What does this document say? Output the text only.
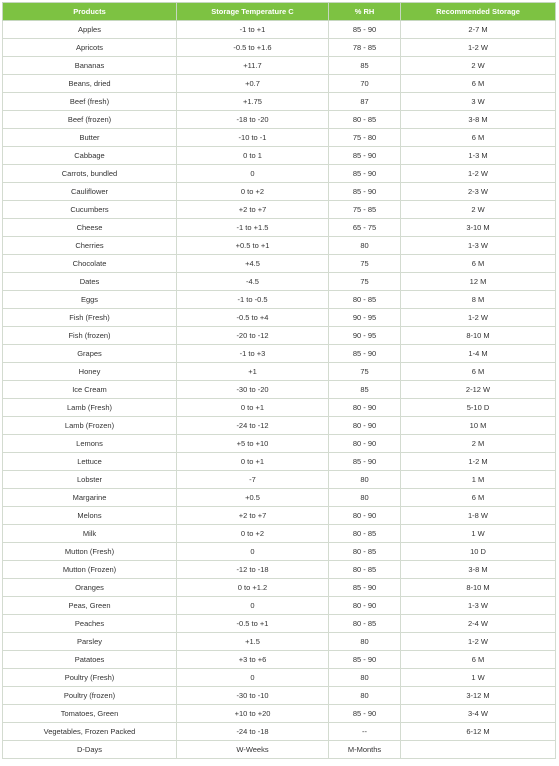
Products	Storage Temperature C	% RH	Recommended Storage
Apples	-1 to +1	85 - 90	2-7 M
Apricots	-0.5 to +1.6	78 - 85	1-2 W
Bananas	+11.7	85	2 W
Beans, dried	+0.7	70	6 M
Beef (fresh)	+1.75	87	3 W
Beef (frozen)	-18 to -20	80 - 85	3-8 M
Butter	-10 to -1	75 - 80	6 M
Cabbage	0 to 1	85 - 90	1-3 M
Carrots, bundled	0	85 - 90	1-2 W
Cauliflower	0 to +2	85 - 90	2-3 W
Cucumbers	+2 to +7	75 - 85	2 W
Cheese	-1 to +1.5	65 - 75	3-10 M
Cherries	+0.5 to +1	80	1-3 W
Chocolate	+4.5	75	6 M
Dates	-4.5	75	12 M
Eggs	-1 to -0.5	80 - 85	8 M
Fish (Fresh)	-0.5 to +4	90 - 95	1-2 W
Fish (frozen)	-20 to -12	90 - 95	8-10 M
Grapes	-1 to +3	85 - 90	1-4 M
Honey	+1	75	6 M
Ice Cream	-30 to -20	85	2-12 W
Lamb (Fresh)	0 to +1	80 - 90	5-10 D
Lamb (Frozen)	-24 to -12	80 - 90	10 M
Lemons	+5 to +10	80 - 90	2 M
Lettuce	0 to +1	85 - 90	1-2 M
Lobster	-7	80	1 M
Margarine	+0.5	80	6 M
Melons	+2 to +7	80 - 90	1-8 W
Milk	0 to +2	80 - 85	1 W
Mutton (Fresh)	0	80 - 85	10 D
Mutton (Frozen)	-12 to -18	80 - 85	3-8 M
Oranges	0 to +1.2	85 - 90	8-10 M
Peas, Green	0	80 - 90	1-3 W
Peaches	-0.5 to +1	80 - 85	2-4 W
Parsley	+1.5	80	1-2 W
Patatoes	+3 to +6	85 - 90	6 M
Poultry (Fresh)	0	80	1 W
Poultry (frozen)	-30 to -10	80	3-12 M
Tomatoes, Green	+10 to +20	85 - 90	3-4 W
Vegetables, Frozen Packed	-24 to -18	--	6-12 M
D-Days	W-Weeks	M-Months	
